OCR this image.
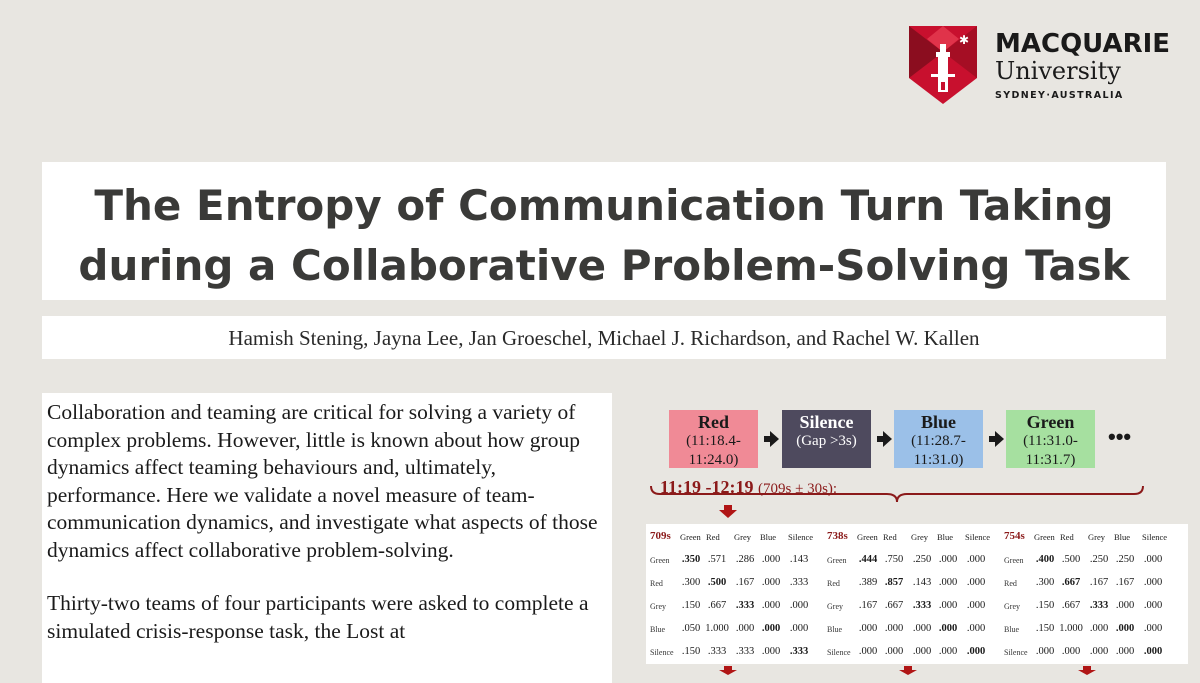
✱ MACQUARIE
University
SYDNEY·AUSTRALIA
The Entropy of Communication Turn Taking
during a Collaborative Problem-Solving Task
Hamish Stening, Jayna Lee, Jan Groeschel, Michael J. Richardson, and Rachel W. Kallen

Collaboration and teaming are critical for solving a variety of complex problems. However, little is known about how group dynamics affect teaming behaviours and, ultimately, performance. Here we validate a novel measure of team-communication dynamics, and investigate what aspects of those dynamics affect collaborative problem-solving.

Thirty-two teams of four participants were asked to complete a simulated crisis-response task, the Lost at

Red
(11:18.4-
11:24.0)
Silence
(Gap >3s)
Blue
(11:28.7-
11:31.0)
Green
(11:31.0-
11:31.7)
•••
11:19 -12:19 (709s ± 30s):
709s Green Red Grey Blue Silence
Green	.350 .571 .286 .000 .143
Red	.300 .500 .167 .000 .333
Grey	.150 .667 .333 .000 .000
Blue	.050 1.000 .000 .000 .000
Silence .150 .333 .333 .000 .333
738s Green Red Grey Blue Silence
Green	.444 .750 .250 .000 .000
Red	.389 .857 .143 .000 .000
Grey	.167 .667 .333 .000 .000
Blue	.000 .000 .000 .000 .000
Silence .000 .000 .000 .000 .000
754s Green Red Grey Blue Silence
Green	.400 .500 .250 .250 .000
Red	.300 .667 .167 .167 .000
Grey	.150 .667 .333 .000 .000
Blue	.150 1.000 .000 .000 .000
Silence .000 .000 .000 .000 .000
